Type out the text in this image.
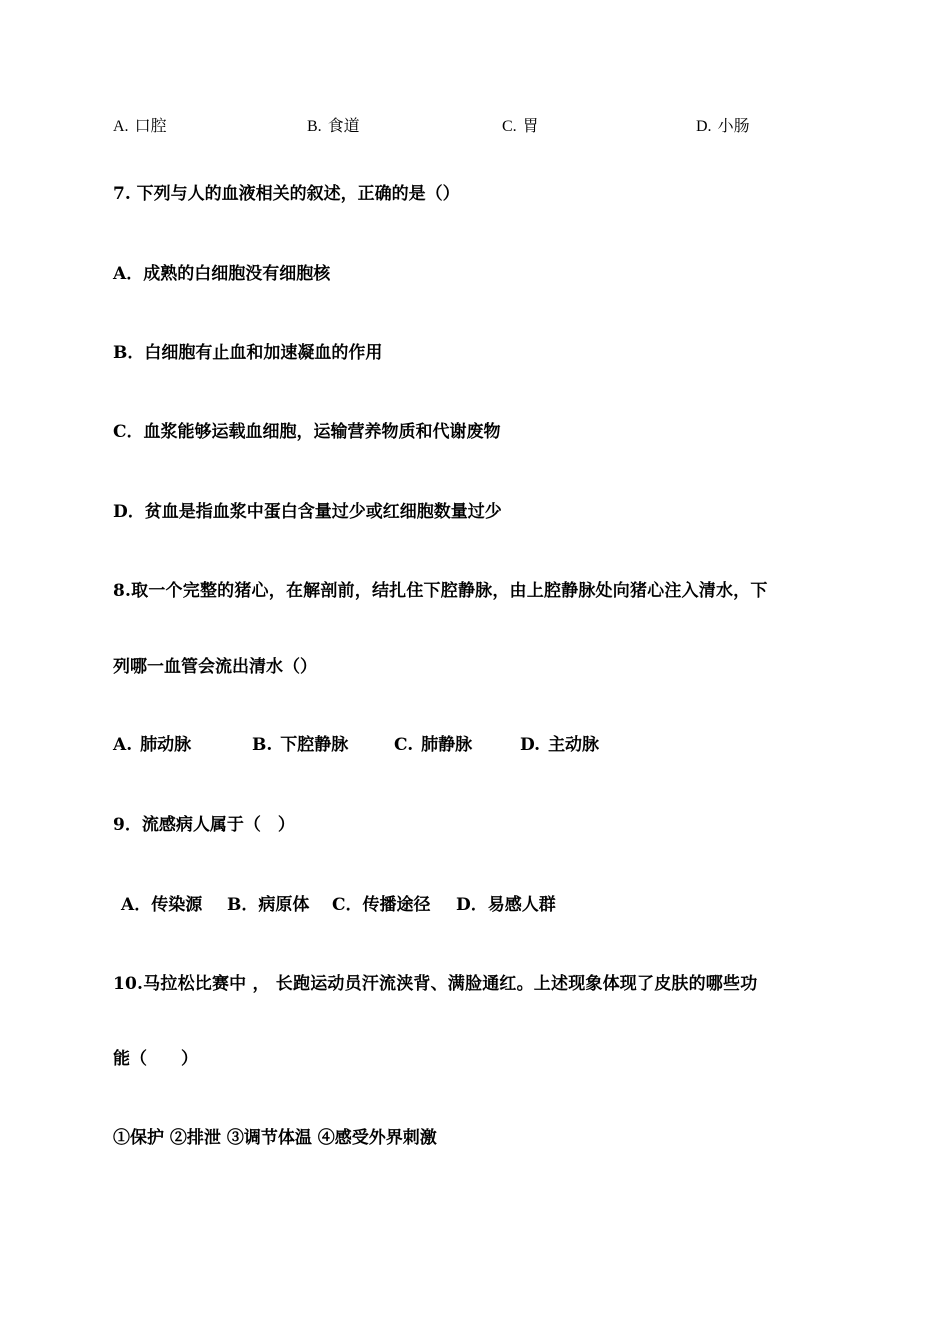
A. 口腔	B. 食道	C. 胃	D. 小肠
7. 下列与人的血液相关的叙述，正确的是（）
A．成熟的白细胞没有细胞核
B．白细胞有止血和加速凝血的作用
C．血浆能够运载血细胞，运输营养物质和代谢废物
D．贫血是指血浆中蛋白含量过少或红细胞数量过少
8.取一个完整的猪心，在解剖前，结扎住下腔静脉，由上腔静脉处向猪心注入清水，下
列哪一血管会流出清水（）
A. 肺动脉	B. 下腔静脉	C. 肺静脉	D. 主动脉
9．流感病人属于（　）
A．传染源 B．病原体 C．传播途径 D．易感人群
10.马拉松比赛中 ， 长跑运动员汗流浃背、满脸通红。上述现象体现了皮肤的哪些功
能（　　）
①保护 ②排泄 ③调节体温 ④感受外界刺激
